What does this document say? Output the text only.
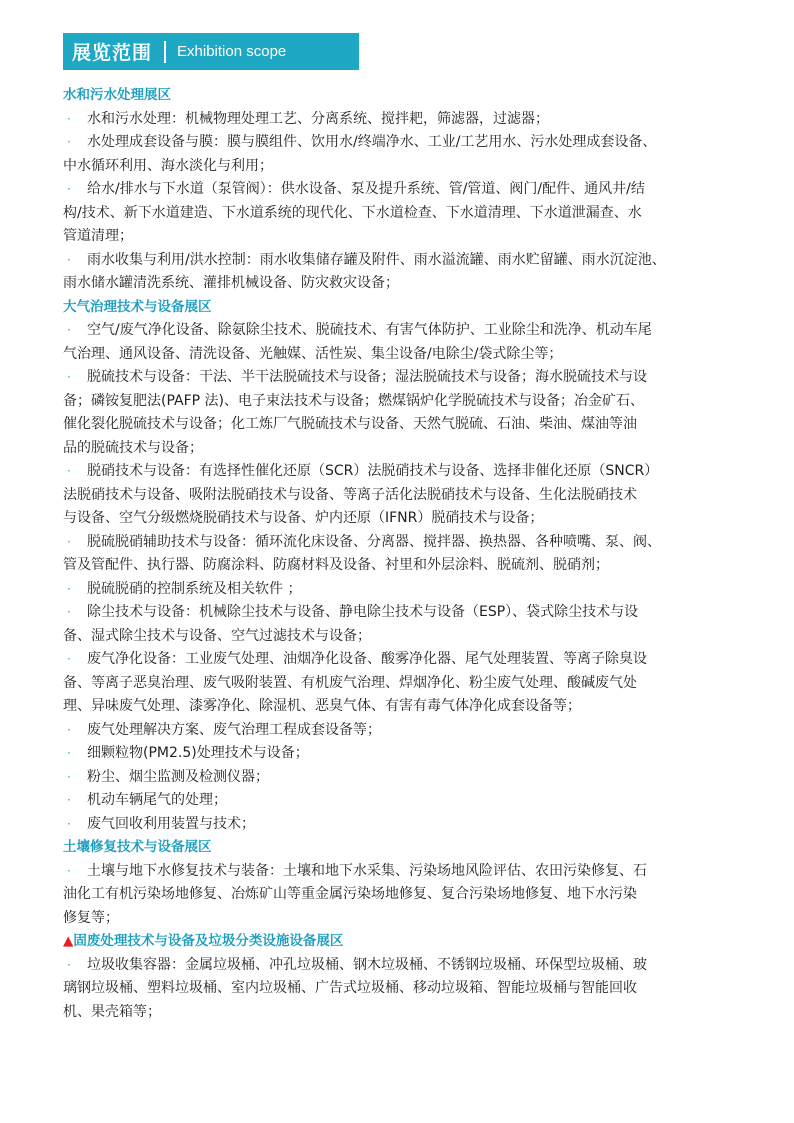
展览范围 Exhibition scope
水和污水处理展区
· 水和污水处理：机械物理处理工艺、分离系统、搅拌耙，筛滤器，过滤器；
· 水处理成套设备与膜：膜与膜组件、饮用水/终端净水、工业/工艺用水、污水处理成套设备、
中水循环利用、海水淡化与利用；
· 给水/排水与下水道（泵管阀）：供水设备、泵及提升系统、管/管道、阀门/配件、通风井/结
构/技术、新下水道建造、下水道系统的现代化、下水道检查、下水道清理、下水道泄漏查、水
管道清理；
· 雨水收集与利用/洪水控制：雨水收集储存罐及附件、雨水溢流罐、雨水贮留罐、雨水沉淀池、
雨水储水罐清洗系统、灌排机械设备、防灾救灾设备；
大气治理技术与设备展区
· 空气/废气净化设备、除氨除尘技术、脱硫技术、有害气体防护、工业除尘和洗净、机动车尾
气治理、通风设备、清洗设备、光触媒、活性炭、集尘设备/电除尘/袋式除尘等；
· 脱硫技术与设备：干法、半干法脱硫技术与设备；湿法脱硫技术与设备；海水脱硫技术与设
备；磷铵复肥法(PAFP 法)、电子束法技术与设备；燃煤锅炉化学脱硫技术与设备；冶金矿石、
催化裂化脱硫技术与设备；化工炼厂气脱硫技术与设备、天然气脱硫、石油、柴油、煤油等油
品的脱硫技术与设备；
· 脱硝技术与设备：有选择性催化还原（SCR）法脱硝技术与设备、选择非催化还原（SNCR）
法脱硝技术与设备、吸附法脱硝技术与设备、等离子活化法脱硝技术与设备、生化法脱硝技术
与设备、空气分级燃烧脱硝技术与设备、炉内还原（IFNR）脱硝技术与设备；
· 脱硫脱硝辅助技术与设备：循环流化床设备、分离器、搅拌器、换热器、各种喷嘴、泵、阀、
管及管配件、执行器、防腐涂料、防腐材料及设备、衬里和外层涂料、脱硫剂、脱硝剂；
· 脱硫脱硝的控制系统及相关软件 ；
· 除尘技术与设备：机械除尘技术与设备、静电除尘技术与设备（ESP）、袋式除尘技术与设
备、湿式除尘技术与设备、空气过滤技术与设备；
· 废气净化设备：工业废气处理、油烟净化设备、酸雾净化器、尾气处理装置、等离子除臭设
备、等离子恶臭治理、废气吸附装置、有机废气治理、焊烟净化、粉尘废气处理、酸碱废气处
理、异味废气处理、漆雾净化、除湿机、恶臭气体、有害有毒气体净化成套设备等；
· 废气处理解决方案、废气治理工程成套设备等；
· 细颗粒物(PM2.5)处理技术与设备；
· 粉尘、烟尘监测及检测仪器；
· 机动车辆尾气的处理；
· 废气回收利用装置与技术；
土壤修复技术与设备展区
· 土壤与地下水修复技术与装备：土壤和地下水采集、污染场地风险评估、农田污染修复、石
油化工有机污染场地修复、冶炼矿山等重金属污染场地修复、复合污染场地修复、地下水污染
修复等；
▲固废处理技术与设备及垃圾分类设施设备展区
· 垃圾收集容器：金属垃圾桶、冲孔垃圾桶、钢木垃圾桶、不锈钢垃圾桶、环保型垃圾桶、玻
璃钢垃圾桶、塑料垃圾桶、室内垃圾桶、广告式垃圾桶、移动垃圾箱、智能垃圾桶与智能回收
机、果壳箱等；
